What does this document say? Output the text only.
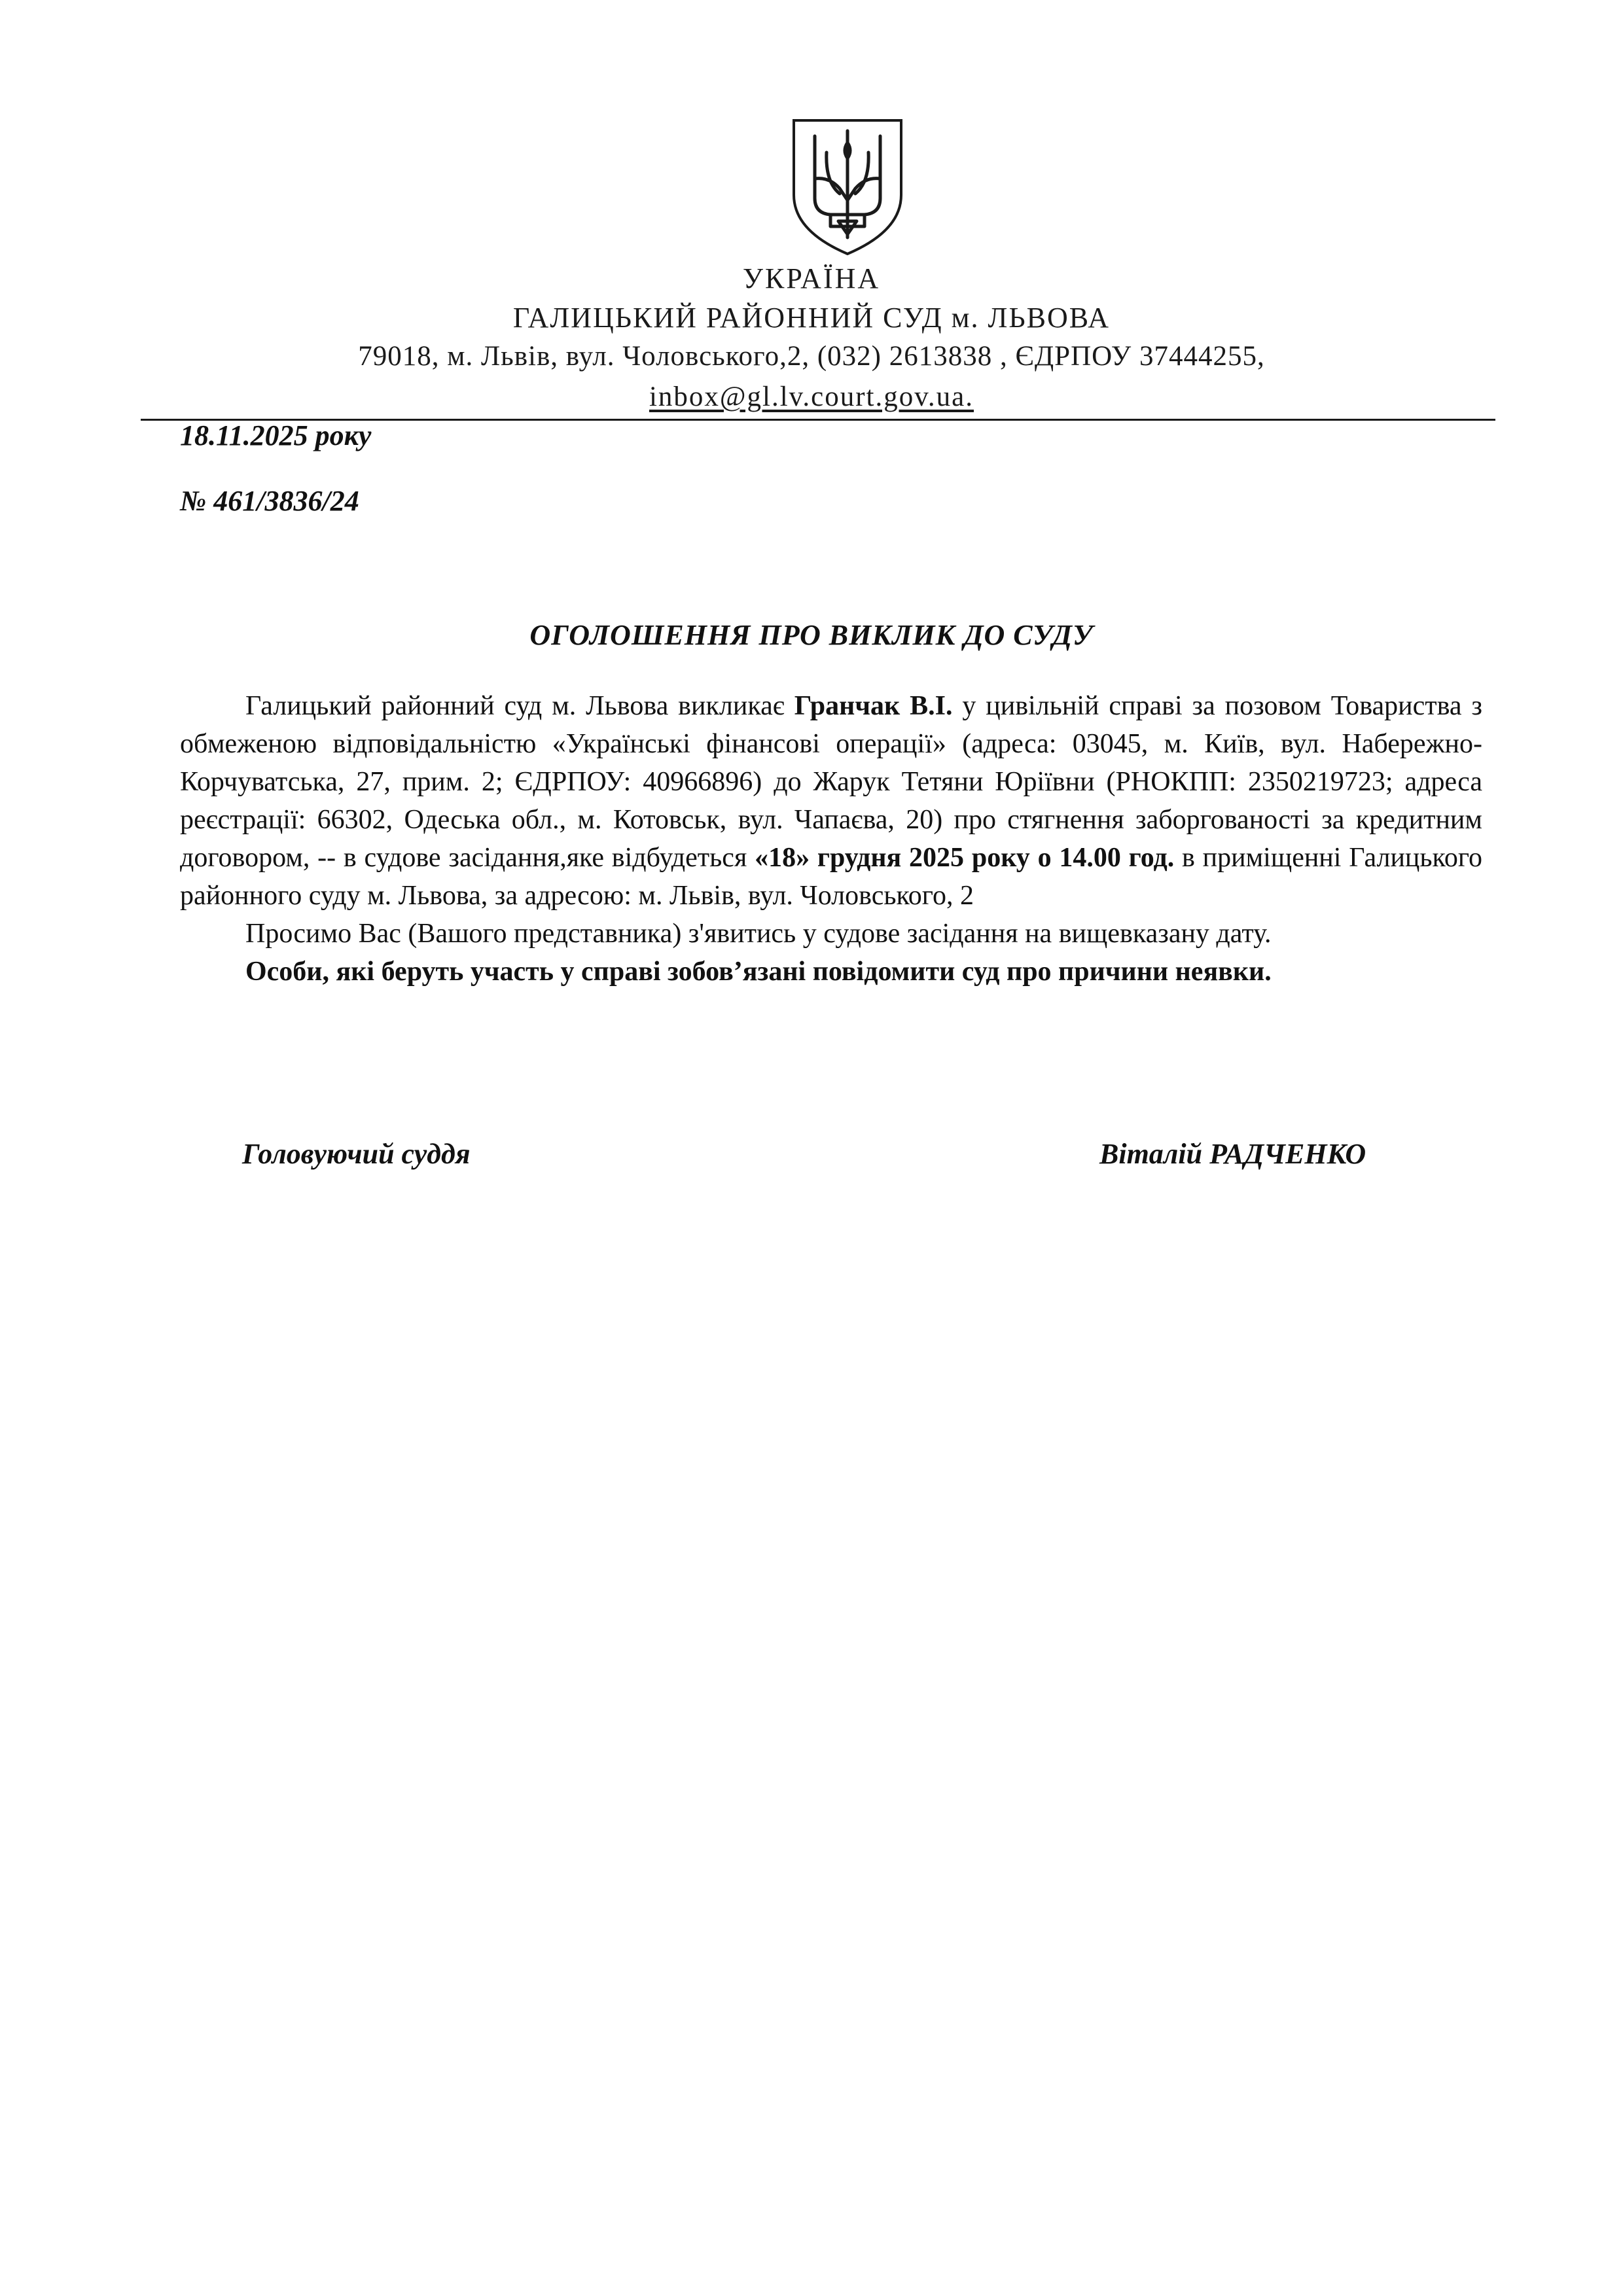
УКРАЇНА
ГАЛИЦЬКИЙ РАЙОННИЙ СУД м. ЛЬВОВА
79018, м. Львів, вул. Чоловського,2, (032) 2613838 , ЄДРПОУ 37444255,
inbox@gl.lv.court.gov.ua.
18.11.2025 року
№ 461/3836/24
ОГОЛОШЕННЯ ПРО ВИКЛИК ДО СУДУ

Галицький районний суд м. Львова викликає Гранчак В.І. у цивільній справі за позовом Товариства з обмеженою відповідальністю «Українські фінансові операції» (адреса: 03045, м. Київ, вул. Набережно-Корчуватська, 27, прим. 2; ЄДРПОУ: 40966896) до Жарук Тетяни Юріївни (РНОКПП: 2350219723; адреса реєстрації: 66302, Одеська обл., м. Котовськ, вул. Чапаєва, 20) про стягнення заборгованості за кредитним договором, -- в судове засідання,яке відбудеться «18» грудня 2025 року о 14.00 год. в приміщенні Галицького районного суду м. Львова, за адресою: м. Львів, вул. Чоловського, 2

Просимо Вас (Вашого представника) з'явитись у судове засідання на вищевказану дату.

Особи, які беруть участь у справі зобов’язані повідомити суд про причини неявки.

Головуючий суддя	Віталій РАДЧЕНКО
